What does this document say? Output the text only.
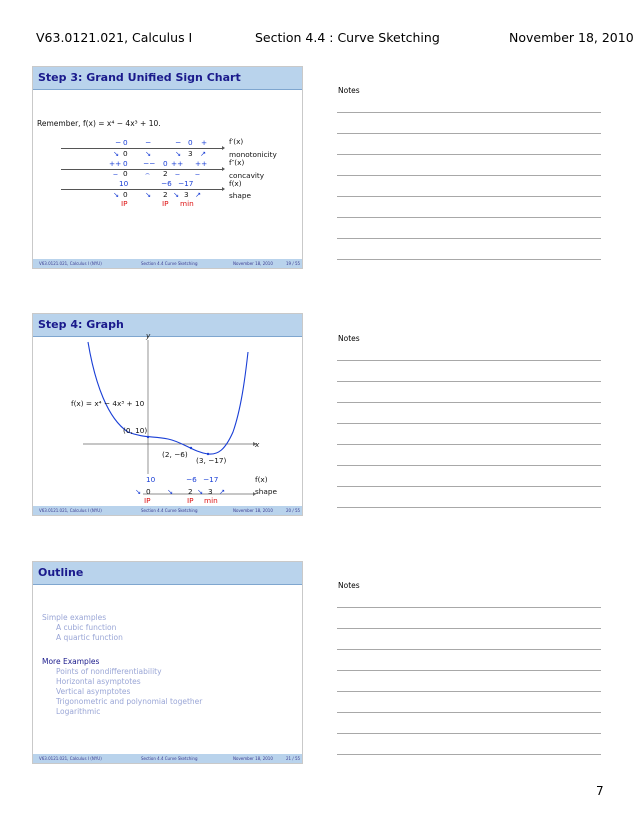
V63.0121.021, Calculus I	Section 4.4 : Curve Sketching	November 18, 2010
Step 3: Grand Unified Sign Chart
Remember, f(x) = x⁴ − 4x³ + 10.
− 0 −	− 0 +	f′(x)
↘ 0 ↘	↘ 3 ↗	monotonicity
++ 0 −− 0 ++ ++	f″(x)
⌣ 0 ⌢ 2 ⌣ ⌣	concavity
10	−6 −17	f(x)
↘ 0 ↘ 2 ↘ 3 ↗	shape
IP	IP min
V63.0121.021, Calculus I (NYU)	Section 4.4 Curve Sketching	November 18, 2010	19 / 55
Step 4: Graph
y
x
f(x) = x⁴ − 4x³ + 10
(0, 10)
(2, −6)
(3, −17)
10	−6 −17	f(x)
↘ 0 ↘ 2 ↘ 3 ↗	shape
IP	IP min
V63.0121.021, Calculus I (NYU)	Section 4.4 Curve Sketching	November 18, 2010	20 / 55
Outline
Simple examples
A cubic function
A quartic function
More Examples
Points of nondifferentiability
Horizontal asymptotes
Vertical asymptotes
Trigonometric and polynomial together
Logarithmic
V63.0121.021, Calculus I (NYU)	Section 4.4 Curve Sketching	November 18, 2010	21 / 55
Notes
Notes
Notes
7
